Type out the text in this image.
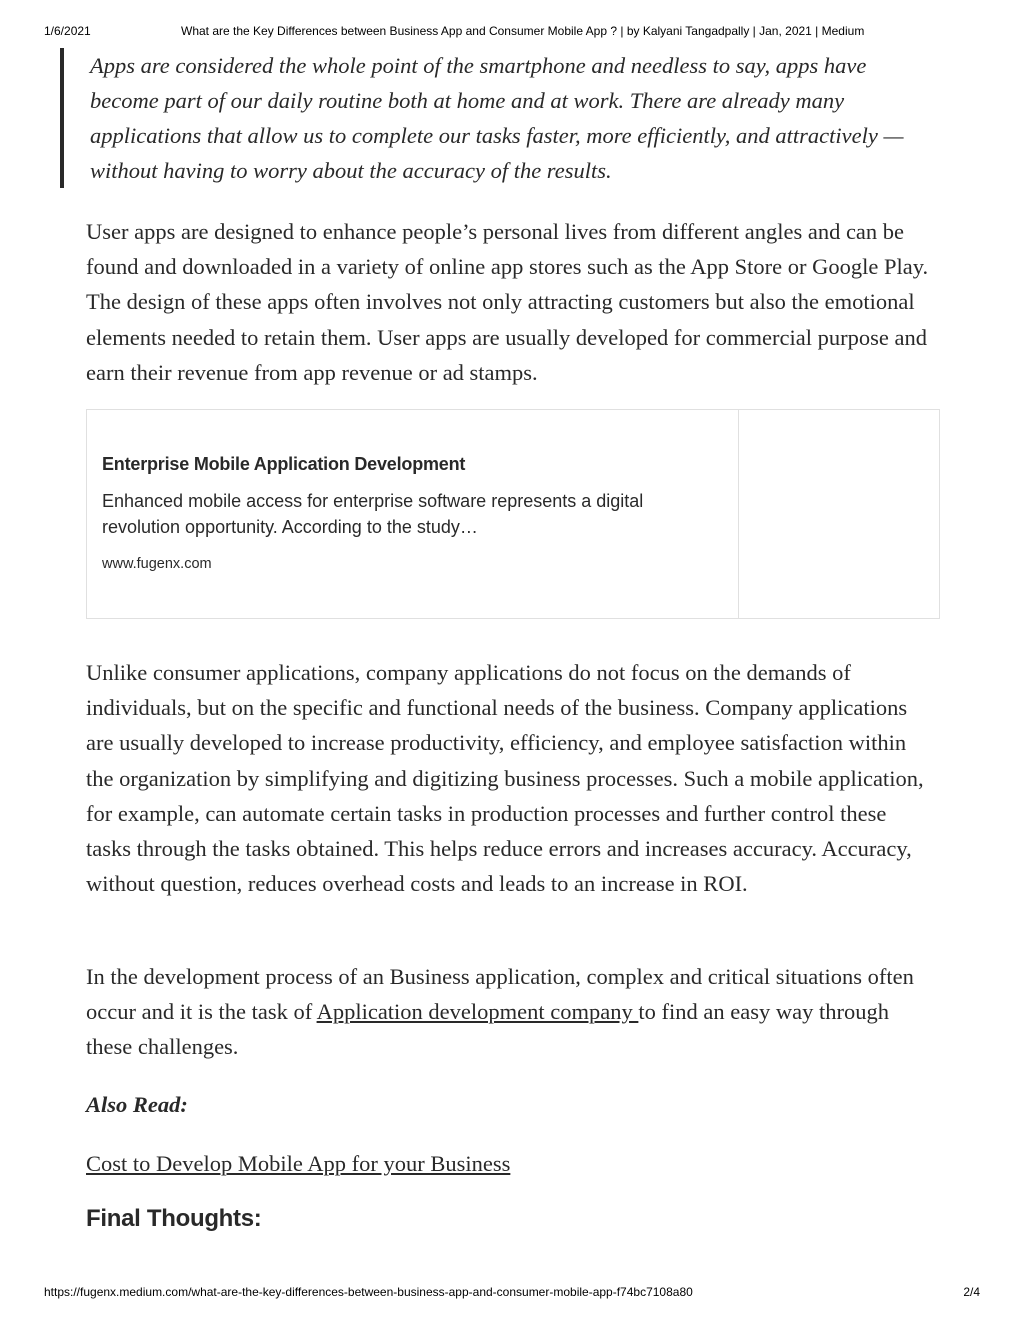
1/6/2021	What are the Key Differences between Business App and Consumer Mobile App ? | by Kalyani Tangadpally | Jan, 2021 | Medium
Apps are considered the whole point of the smartphone and needless to say, apps have become part of our daily routine both at home and at work. There are already many applications that allow us to complete our tasks faster, more efficiently, and attractively — without having to worry about the accuracy of the results.

User apps are designed to enhance people’s personal lives from different angles and can be found and downloaded in a variety of online app stores such as the App Store or Google Play. The design of these apps often involves not only attracting customers but also the emotional elements needed to retain them. User apps are usually developed for commercial purpose and earn their revenue from app revenue or ad stamps.

Enterprise Mobile Application Development
Enhanced mobile access for enterprise software represents a digital revolution opportunity. According to the study…
www.fugenx.com

Unlike consumer applications, company applications do not focus on the demands of individuals, but on the specific and functional needs of the business. Company applications are usually developed to increase productivity, efficiency, and employee satisfaction within the organization by simplifying and digitizing business processes. Such a mobile application, for example, can automate certain tasks in production processes and further control these tasks through the tasks obtained. This helps reduce errors and increases accuracy. Accuracy, without question, reduces overhead costs and leads to an increase in ROI.

In the development process of an Business application, complex and critical situations often occur and it is the task of Application development company to find an easy way through these challenges.

Also Read:
Cost to Develop Mobile App for your Business
Final Thoughts:
https://fugenx.medium.com/what-are-the-key-differences-between-business-app-and-consumer-mobile-app-f74bc7108a80	2/4
